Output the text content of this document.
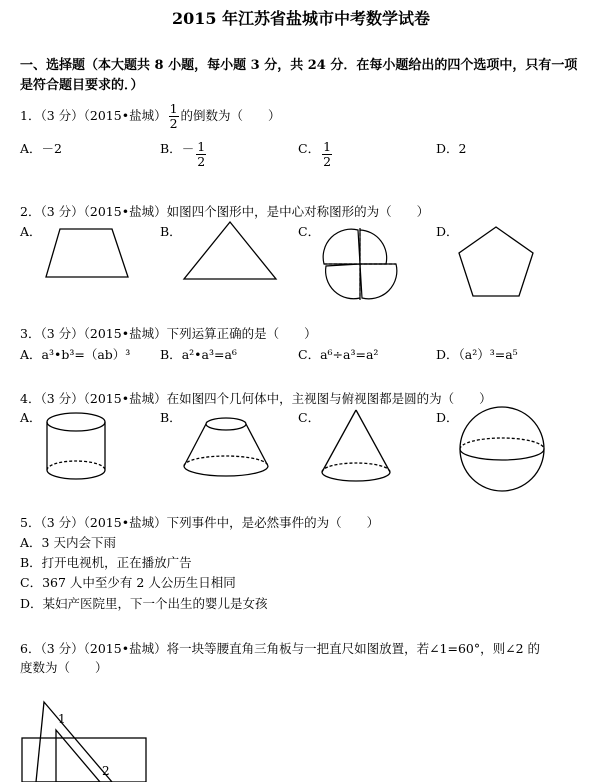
2015 年江苏省盐城市中考数学试卷
一、选择题（本大题共 8 小题，每小题 3 分，共 24 分．在每小题给出的四个选项中，只有一项是符合题目要求的．）
1．（3 分）（2015•盐城） $\frac{1}{2}$ 的倒数为（　　）
A．－2	B．－ $\frac{1}{2}$	C． $\frac{1}{2}$	D．2
2．（3 分）（2015•盐城）如图四个图形中，是中心对称图形的为（　　）
A．	B．	C．	D．
3．（3 分）（2015•盐城）下列运算正确的是（　　）
A．a³•b³=（ab）³ B．a²•a³=a⁶	C．a⁶÷a³=a²	D．（a²）³=a⁵
4．（3 分）（2015•盐城）在如图四个几何体中，主视图与俯视图都是圆的为（　　）
A．	B．	C．	D．
5．（3 分）（2015•盐城）下列事件中，是必然事件的为（　　）
A．3 天内会下雨
B．打开电视机，正在播放广告
C．367 人中至少有 2 人公历生日相同
D．某妇产医院里，下一个出生的婴儿是女孩
6．（3 分）（2015•盐城）将一块等腰直角三角板与一把直尺如图放置，若∠1=60°，则∠2 的
度数为（　　）
1
2
